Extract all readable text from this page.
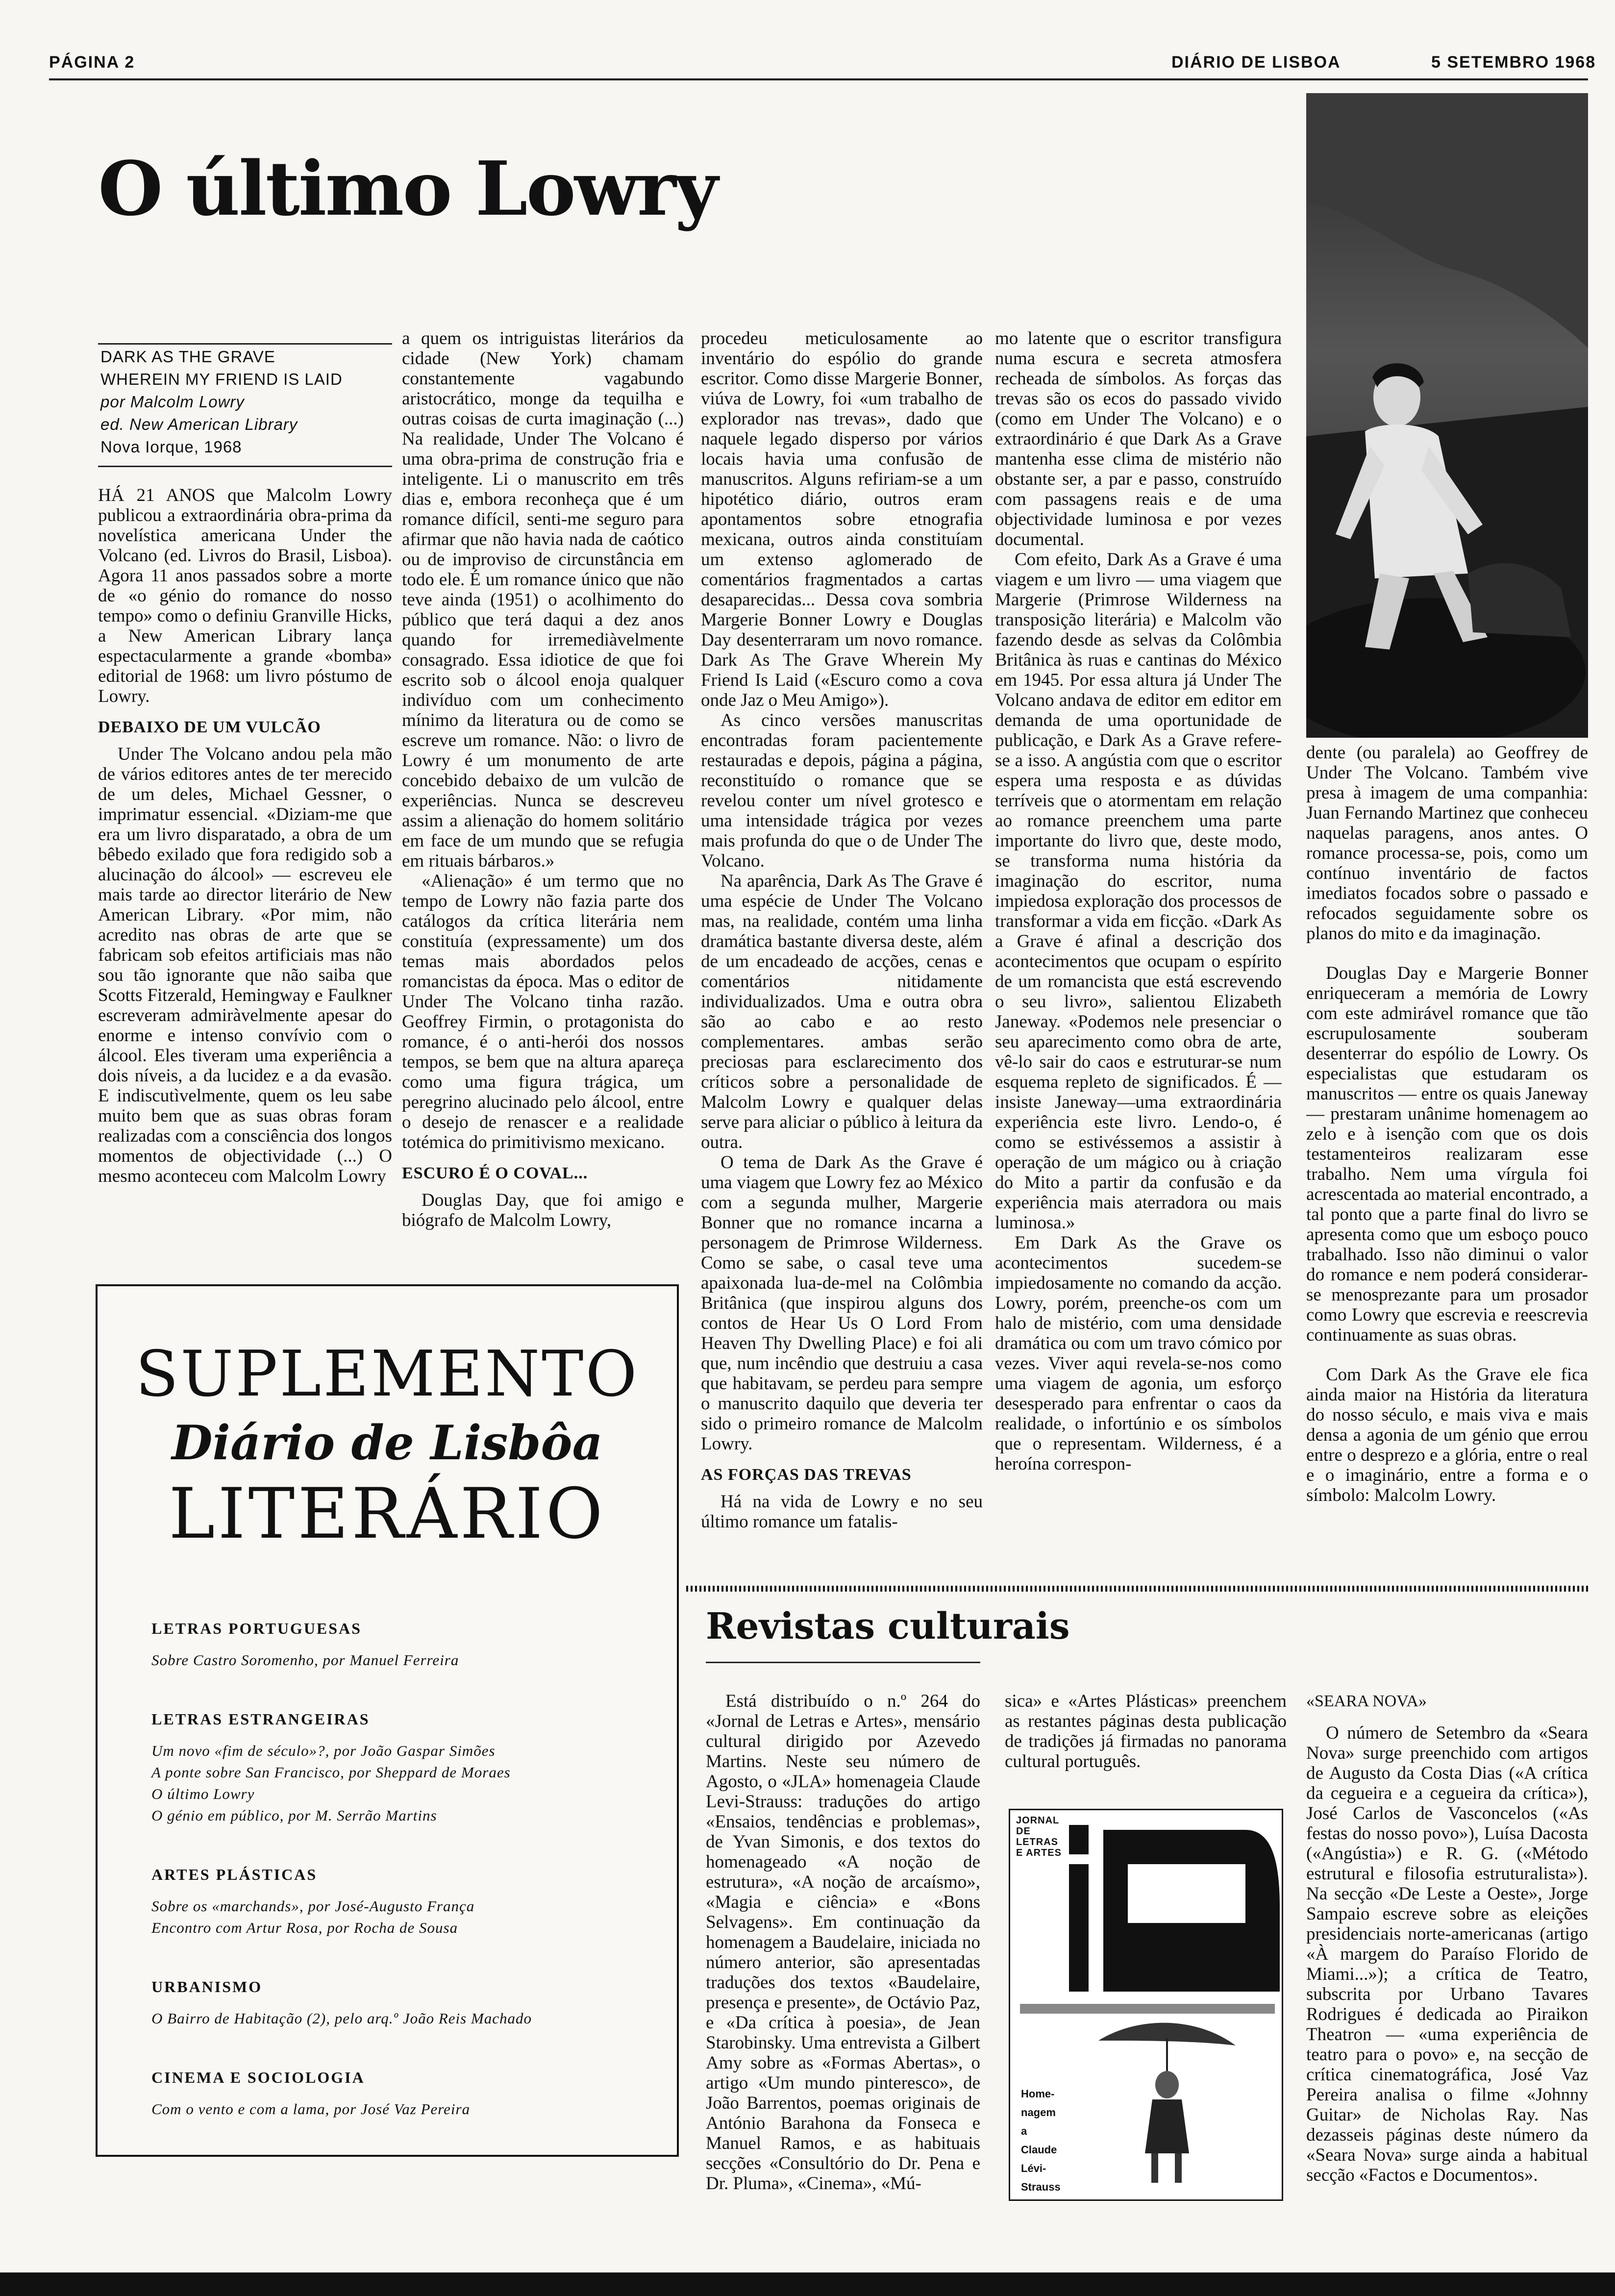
PÁGINA 2	DIÁRIO DE LISBOA	5 SETEMBRO 1968
O último Lowry
DARK AS THE GRAVE
WHEREIN MY FRIEND IS LAID
por Malcolm Lowry
ed. New American Library
Nova Iorque, 1968

HÁ 21 ANOS que Malcolm Lowry publicou a extraordinária obra-prima da novelística americana Under the Volcano (ed. Livros do Brasil, Lisboa). Agora 11 anos passados sobre a morte de «o génio do romance do nosso tempo» como o definiu Granville Hicks, a New American Library lança espectacularmente a grande «bomba» editorial de 1968: um livro póstumo de Lowry.

DEBAIXO DE UM VULCÃO

Under The Volcano andou pela mão de vários editores antes de ter merecido de um deles, Michael Gessner, o imprimatur essencial. «Diziam-me que era um livro disparatado, a obra de um bêbedo exilado que fora redigido sob a alucinação do álcool» — escreveu ele mais tarde ao director literário de New American Library. «Por mim, não acredito nas obras de arte que se fabricam sob efeitos artificiais mas não sou tão ignorante que não saiba que Scotts Fitzerald, Hemingway e Faulkner escreveram admiràvelmente apesar do enorme e intenso convívio com o álcool. Eles tiveram uma experiência a dois níveis, a da lucidez e a da evasão. E indiscutìvelmente, quem os leu sabe muito bem que as suas obras foram realizadas com a consciência dos longos momentos de objectividade (...) O mesmo aconteceu com Malcolm Lowry

a quem os intriguistas literários da cidade (New York) chamam constantemente vagabundo aristocrático, monge da tequilha e outras coisas de curta imaginação (...) Na realidade, Under The Volcano é uma obra-prima de construção fria e inteligente. Li o manuscrito em três dias e, embora reconheça que é um romance difícil, senti-me seguro para afirmar que não havia nada de caótico ou de improviso de circunstância em todo ele. É um romance único que não teve ainda (1951) o acolhimento do público que terá daqui a dez anos quando for irremediàvelmente consagrado. Essa idiotice de que foi escrito sob o álcool enoja qualquer indivíduo com um conhecimento mínimo da literatura ou de como se escreve um romance. Não: o livro de Lowry é um monumento de arte concebido debaixo de um vulcão de experiências. Nunca se descreveu assim a alienação do homem solitário em face de um mundo que se refugia em rituais bárbaros.»

«Alienação» é um termo que no tempo de Lowry não fazia parte dos catálogos da crítica literária nem constituía (expressamente) um dos temas mais abordados pelos romancistas da época. Mas o editor de Under The Volcano tinha razão. Geoffrey Firmin, o protagonista do romance, é o anti-herói dos nossos tempos, se bem que na altura apareça como uma figura trágica, um peregrino alucinado pelo álcool, entre o desejo de renascer e a realidade totémica do primitivismo mexicano.

ESCURO É O COVAL...

Douglas Day, que foi amigo e biógrafo de Malcolm Lowry,

procedeu meticulosamente ao inventário do espólio do grande escritor. Como disse Margerie Bonner, viúva de Lowry, foi «um trabalho de explorador nas trevas», dado que naquele legado disperso por vários locais havia uma confusão de manuscritos. Alguns refiriam-se a um hipotético diário, outros eram apontamentos sobre etnografia mexicana, outros ainda constituíam um extenso aglomerado de comentários fragmentados a cartas desaparecidas... Dessa cova sombria Margerie Bonner Lowry e Douglas Day desenterraram um novo romance. Dark As The Grave Wherein My Friend Is Laid («Escuro como a cova onde Jaz o Meu Amigo»).

As cinco versões manuscritas encontradas foram pacientemente restauradas e depois, página a página, reconstituído o romance que se revelou conter um nível grotesco e uma intensidade trágica por vezes mais profunda do que o de Under The Volcano.

Na aparência, Dark As The Grave é uma espécie de Under The Volcano mas, na realidade, contém uma linha dramática bastante diversa deste, além de um encadeado de acções, cenas e comentários nitidamente individualizados. Uma e outra obra são ao cabo e ao resto complementares. ambas serão preciosas para esclarecimento dos críticos sobre a personalidade de Malcolm Lowry e qualquer delas serve para aliciar o público à leitura da outra.

O tema de Dark As the Grave é uma viagem que Lowry fez ao México com a segunda mulher, Margerie Bonner que no romance incarna a personagem de Primrose Wilderness. Como se sabe, o casal teve uma apaixonada lua-de-mel na Colômbia Britânica (que inspirou alguns dos contos de Hear Us O Lord From Heaven Thy Dwelling Place) e foi ali que, num incêndio que destruiu a casa que habitavam, se perdeu para sempre o manuscrito daquilo que deveria ter sido o primeiro romance de Malcolm Lowry.

AS FORÇAS DAS TREVAS

Há na vida de Lowry e no seu último romance um fatalis-

mo latente que o escritor transfigura numa escura e secreta atmosfera recheada de símbolos. As forças das trevas são os ecos do passado vivido (como em Under The Volcano) e o extraordinário é que Dark As a Grave mantenha esse clima de mistério não obstante ser, a par e passo, construído com passagens reais e de uma objectividade luminosa e por vezes documental.

Com efeito, Dark As a Grave é uma viagem e um livro — uma viagem que Margerie (Primrose Wilderness na transposição literária) e Malcolm vão fazendo desde as selvas da Colômbia Britânica às ruas e cantinas do México em 1945. Por essa altura já Under The Volcano andava de editor em editor em demanda de uma oportunidade de publicação, e Dark As a Grave refere-se a isso. A angústia com que o escritor espera uma resposta e as dúvidas terríveis que o atormentam em relação ao romance preenchem uma parte importante do livro que, deste modo, se transforma numa história da imaginação do escritor, numa impiedosa exploração dos processos de transformar a vida em ficção. «Dark As a Grave é afinal a descrição dos acontecimentos que ocupam o espírito de um romancista que está escrevendo o seu livro», salientou Elizabeth Janeway. «Podemos nele presenciar o seu aparecimento como obra de arte, vê-lo sair do caos e estruturar-se num esquema repleto de significados. É — insiste Janeway—uma extraordinária experiência este livro. Lendo-o, é como se estivéssemos a assistir à operação de um mágico ou à criação do Mito a partir da confusão e da experiência mais aterradora ou mais luminosa.»

Em Dark As the Grave os acontecimentos sucedem-se impiedosamente no comando da acção. Lowry, porém, preenche-os com um halo de mistério, com uma densidade dramática ou com um travo cómico por vezes. Viver aqui revela-se-nos como uma viagem de agonia, um esforço desesperado para enfrentar o caos da realidade, o infortúnio e os símbolos que o representam. Wilderness, é a heroína correspon-

dente (ou paralela) ao Geoffrey de Under The Volcano. Também vive presa à imagem de uma companhia: Juan Fernando Martinez que conheceu naquelas paragens, anos antes. O romance processa-se, pois, como um contínuo inventário de factos imediatos focados sobre o passado e refocados seguidamente sobre os planos do mito e da imaginação.

Douglas Day e Margerie Bonner enriqueceram a memória de Lowry com este admirável romance que tão escrupulosamente souberam desenterrar do espólio de Lowry. Os especialistas que estudaram os manuscritos — entre os quais Janeway — prestaram unânime homenagem ao zelo e à isenção com que os dois testamenteiros realizaram esse trabalho. Nem uma vírgula foi acrescentada ao material encontrado, a tal ponto que a parte final do livro se apresenta como que um esboço pouco trabalhado. Isso não diminui o valor do romance e nem poderá considerar-se menosprezante para um prosador como Lowry que escrevia e reescrevia continuamente as suas obras.

Com Dark As the Grave ele fica ainda maior na História da literatura do nosso século, e mais viva e mais densa a agonia de um génio que errou entre o desprezo e a glória, entre o real e o imaginário, entre a forma e o símbolo: Malcolm Lowry.

SUPLEMENTO
Diário de Lisbôa
LITERÁRIO
LETRAS PORTUGUESAS
Sobre Castro Soromenho, por Manuel Ferreira
LETRAS ESTRANGEIRAS
Um novo «fim de século»?, por João Gaspar Simões
A ponte sobre San Francisco, por Sheppard de Moraes
O último Lowry
O génio em público, por M. Serrão Martins
ARTES PLÁSTICAS
Sobre os «marchands», por José-Augusto França
Encontro com Artur Rosa, por Rocha de Sousa
URBANISMO
O Bairro de Habitação (2), pelo arq.º João Reis Machado
CINEMA E SOCIOLOGIA
Com o vento e com a lama, por José Vaz Pereira
Revistas culturais

Está distribuído o n.º 264 do «Jornal de Letras e Artes», mensário cultural dirigido por Azevedo Martins. Neste seu número de Agosto, o «JLA» homenageia Claude Levi-Strauss: traduções do artigo «Ensaios, tendências e problemas», de Yvan Simonis, e dos textos do homenageado «A noção de estrutura», «A noção de arcaísmo», «Magia e ciência» e «Bons Selvagens». Em continuação da homenagem a Baudelaire, iniciada no número anterior, são apresentadas traduções dos textos «Baudelaire, presença e presente», de Octávio Paz, e «Da crítica à poesia», de Jean Starobinsky. Uma entrevista a Gilbert Amy sobre as «Formas Abertas», o artigo «Um mundo pinteresco», de João Barrentos, poemas originais de António Barahona da Fonseca e Manuel Ramos, e as habituais secções «Consultório do Dr. Pena e Dr. Pluma», «Cinema», «Mú-

sica» e «Artes Plásticas» preenchem as restantes páginas desta publicação de tradições já firmadas no panorama cultural português.

JORNAL
DE
LETRAS
E ARTES
Home-
nagem
a
Claude
Lévi-
Strauss
«SEARA NOVA»

O número de Setembro da «Seara Nova» surge preenchido com artigos de Augusto da Costa Dias («A crítica da cegueira e a cegueira da crítica»), José Carlos de Vasconcelos («As festas do nosso povo»), Luísa Dacosta («Angústia») e R. G. («Método estrutural e filosofia estruturalista»). Na secção «De Leste a Oeste», Jorge Sampaio escreve sobre as eleições presidenciais norte-americanas (artigo «À margem do Paraíso Florido de Miami...»); a crítica de Teatro, subscrita por Urbano Tavares Rodrigues é dedicada ao Piraikon Theatron — «uma experiência de teatro para o povo» e, na secção de crítica cinematográfica, José Vaz Pereira analisa o filme «Johnny Guitar» de Nicholas Ray. Nas dezasseis páginas deste número da «Seara Nova» surge ainda a habitual secção «Factos e Documentos».
